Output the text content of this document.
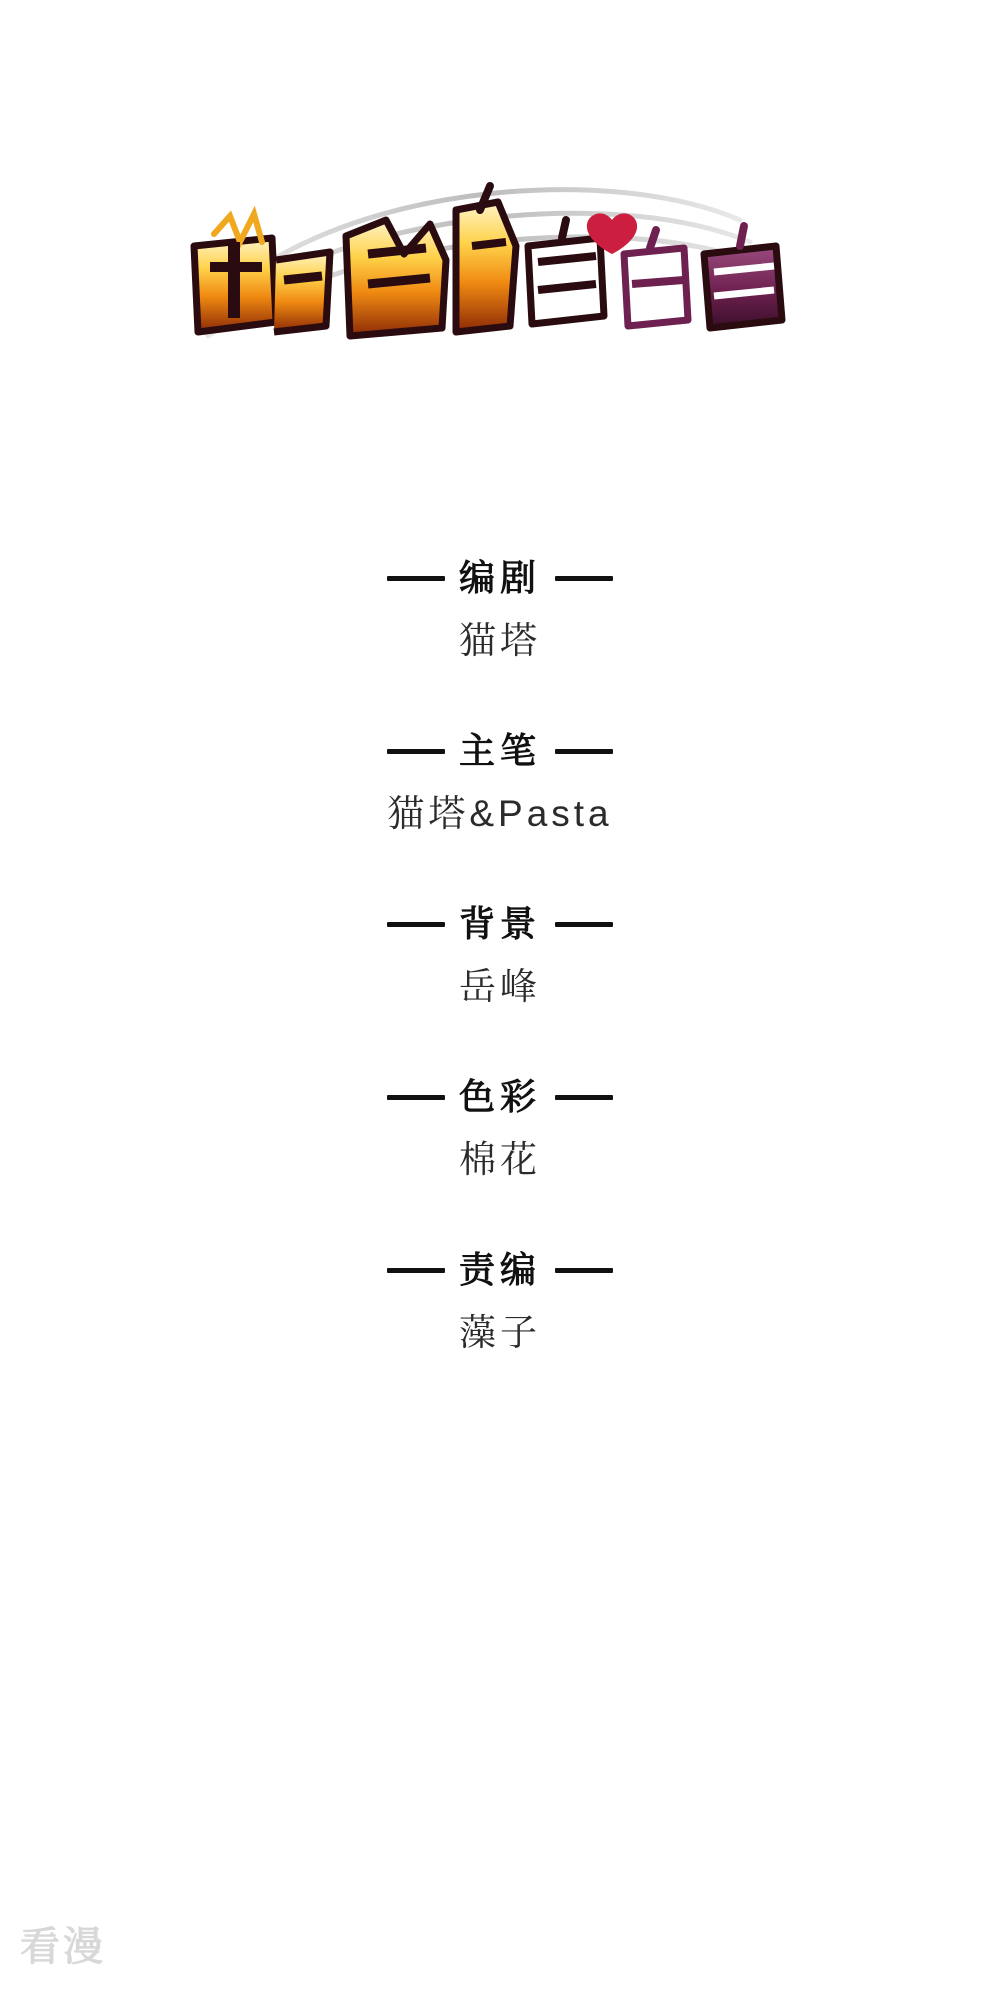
编剧
猫塔
主笔
猫塔&Pasta
背景
岳峰
色彩
棉花
责编
藻子
看漫
